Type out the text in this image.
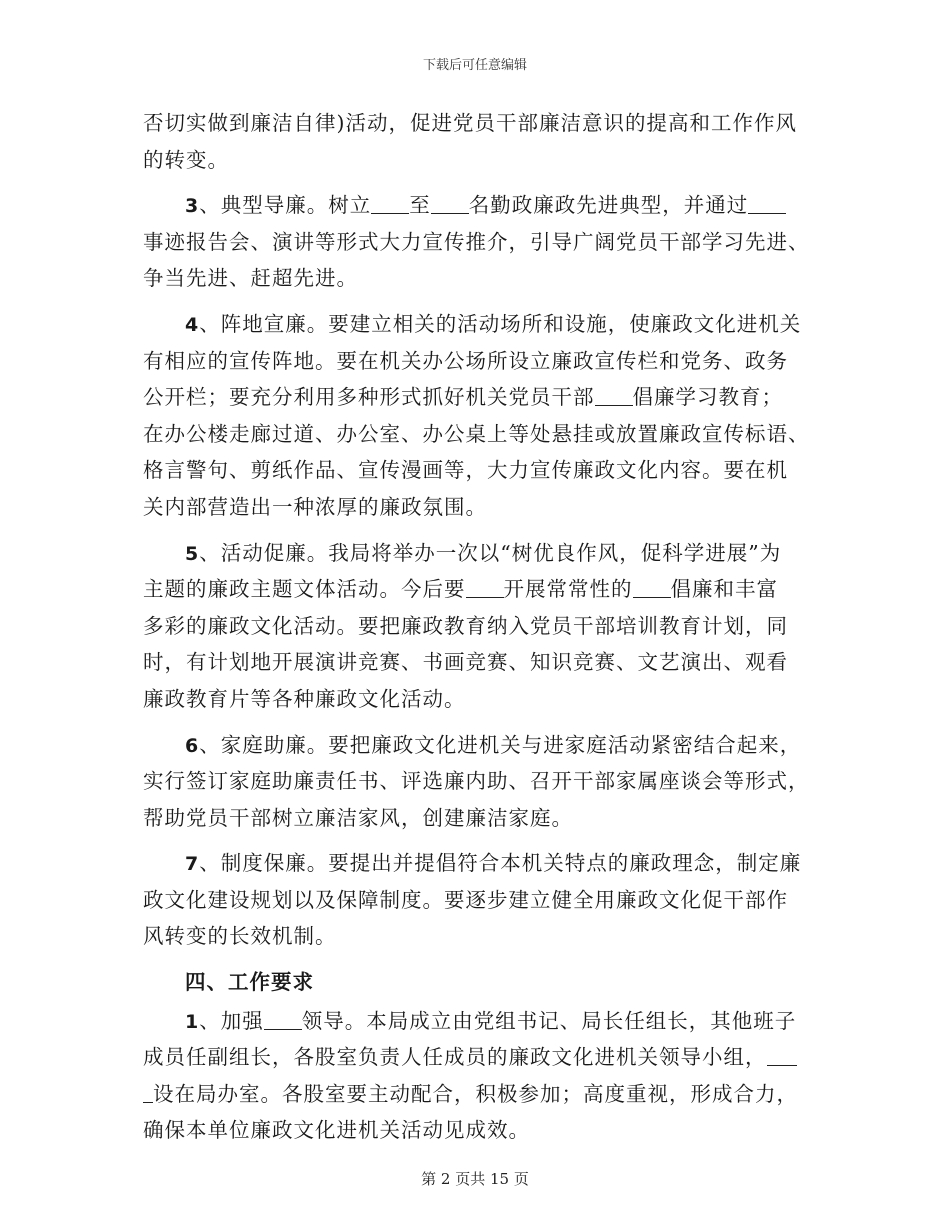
下载后可任意编辑
否切实做到廉洁自律)活动，促进党员干部廉洁意识的提高和工作作风
的转变。
3、典型导廉。树立 至 名勤政廉政先进典型，并通过
事迹报告会、演讲等形式大力宣传推介，引导广阔党员干部学习先进、
争当先进、赶超先进。
4、阵地宣廉。要建立相关的活动场所和设施，使廉政文化进机关
有相应的宣传阵地。要在机关办公场所设立廉政宣传栏和党务、政务
公开栏；要充分利用多种形式抓好机关党员干部 倡廉学习教育；
在办公楼走廊过道、办公室、办公桌上等处悬挂或放置廉政宣传标语、
格言警句、剪纸作品、宣传漫画等，大力宣传廉政文化内容。要在机
关内部营造出一种浓厚的廉政氛围。
5、活动促廉。我局将举办一次以“树优良作风，促科学进展”为
主题的廉政主题文体活动。今后要 开展常常性的 倡廉和丰富
多彩的廉政文化活动。要把廉政教育纳入党员干部培训教育计划，同
时，有计划地开展演讲竞赛、书画竞赛、知识竞赛、文艺演出、观看
廉政教育片等各种廉政文化活动。
6、家庭助廉。要把廉政文化进机关与进家庭活动紧密结合起来，
实行签订家庭助廉责任书、评选廉内助、召开干部家属座谈会等形式，
帮助党员干部树立廉洁家风，创建廉洁家庭。
7、制度保廉。要提出并提倡符合本机关特点的廉政理念，制定廉
政文化建设规划以及保障制度。要逐步建立健全用廉政文化促干部作
风转变的长效机制。
四、工作要求
1、加强 领导。本局成立由党组书记、局长任组长，其他班子
成员任副组长，各股室负责人任成员的廉政文化进机关领导小组，
设在局办室。各股室要主动配合，积极参加；高度重视，形成合力，
确保本单位廉政文化进机关活动见成效。
第 2 页共 15 页
